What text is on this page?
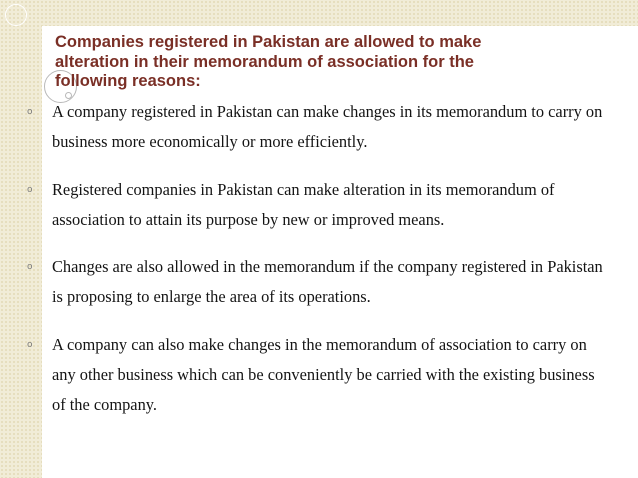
Companies registered in Pakistan are allowed to make alteration in their memorandum of association for the following reasons:
o A company registered in Pakistan can make changes in its memorandum to carry on business more economically or more efficiently.
o Registered companies in Pakistan can make alteration in its memorandum of association to attain its purpose by new or improved means.
o Changes are also allowed in the memorandum if the company registered in Pakistan is proposing to enlarge the area of its operations.
o A company can also make changes in the memorandum of association to carry on any other business which can be conveniently be carried with the existing business of the company.
